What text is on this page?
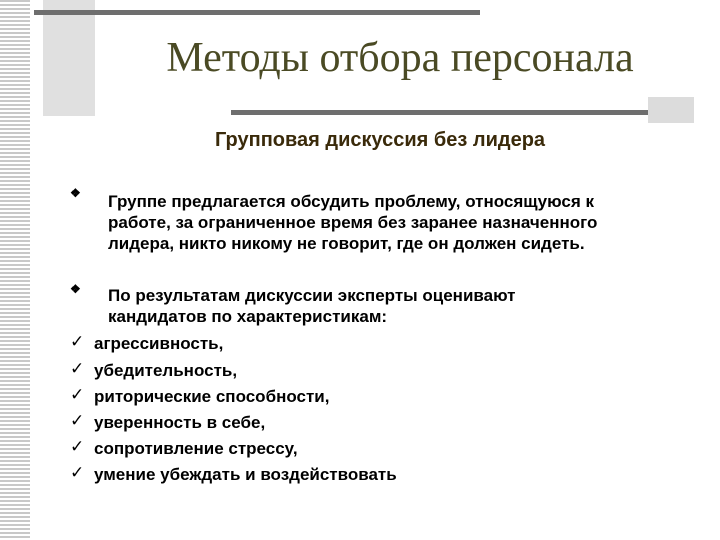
Методы отбора персонала
Групповая дискуссия без лидера
❖ Группе предлагается обсудить проблему, относящуюся к
работе, за ограниченное время без заранее назначенного
лидера, никто никому не говорит, где он должен сидеть.
❖ По результатам дискуссии эксперты оценивают
кандидатов по характеристикам:
✓ агрессивность,
✓ убедительность,
✓ риторические способности,
✓ уверенность в себе,
✓ сопротивление стрессу,
✓ умение убеждать и воздействовать
